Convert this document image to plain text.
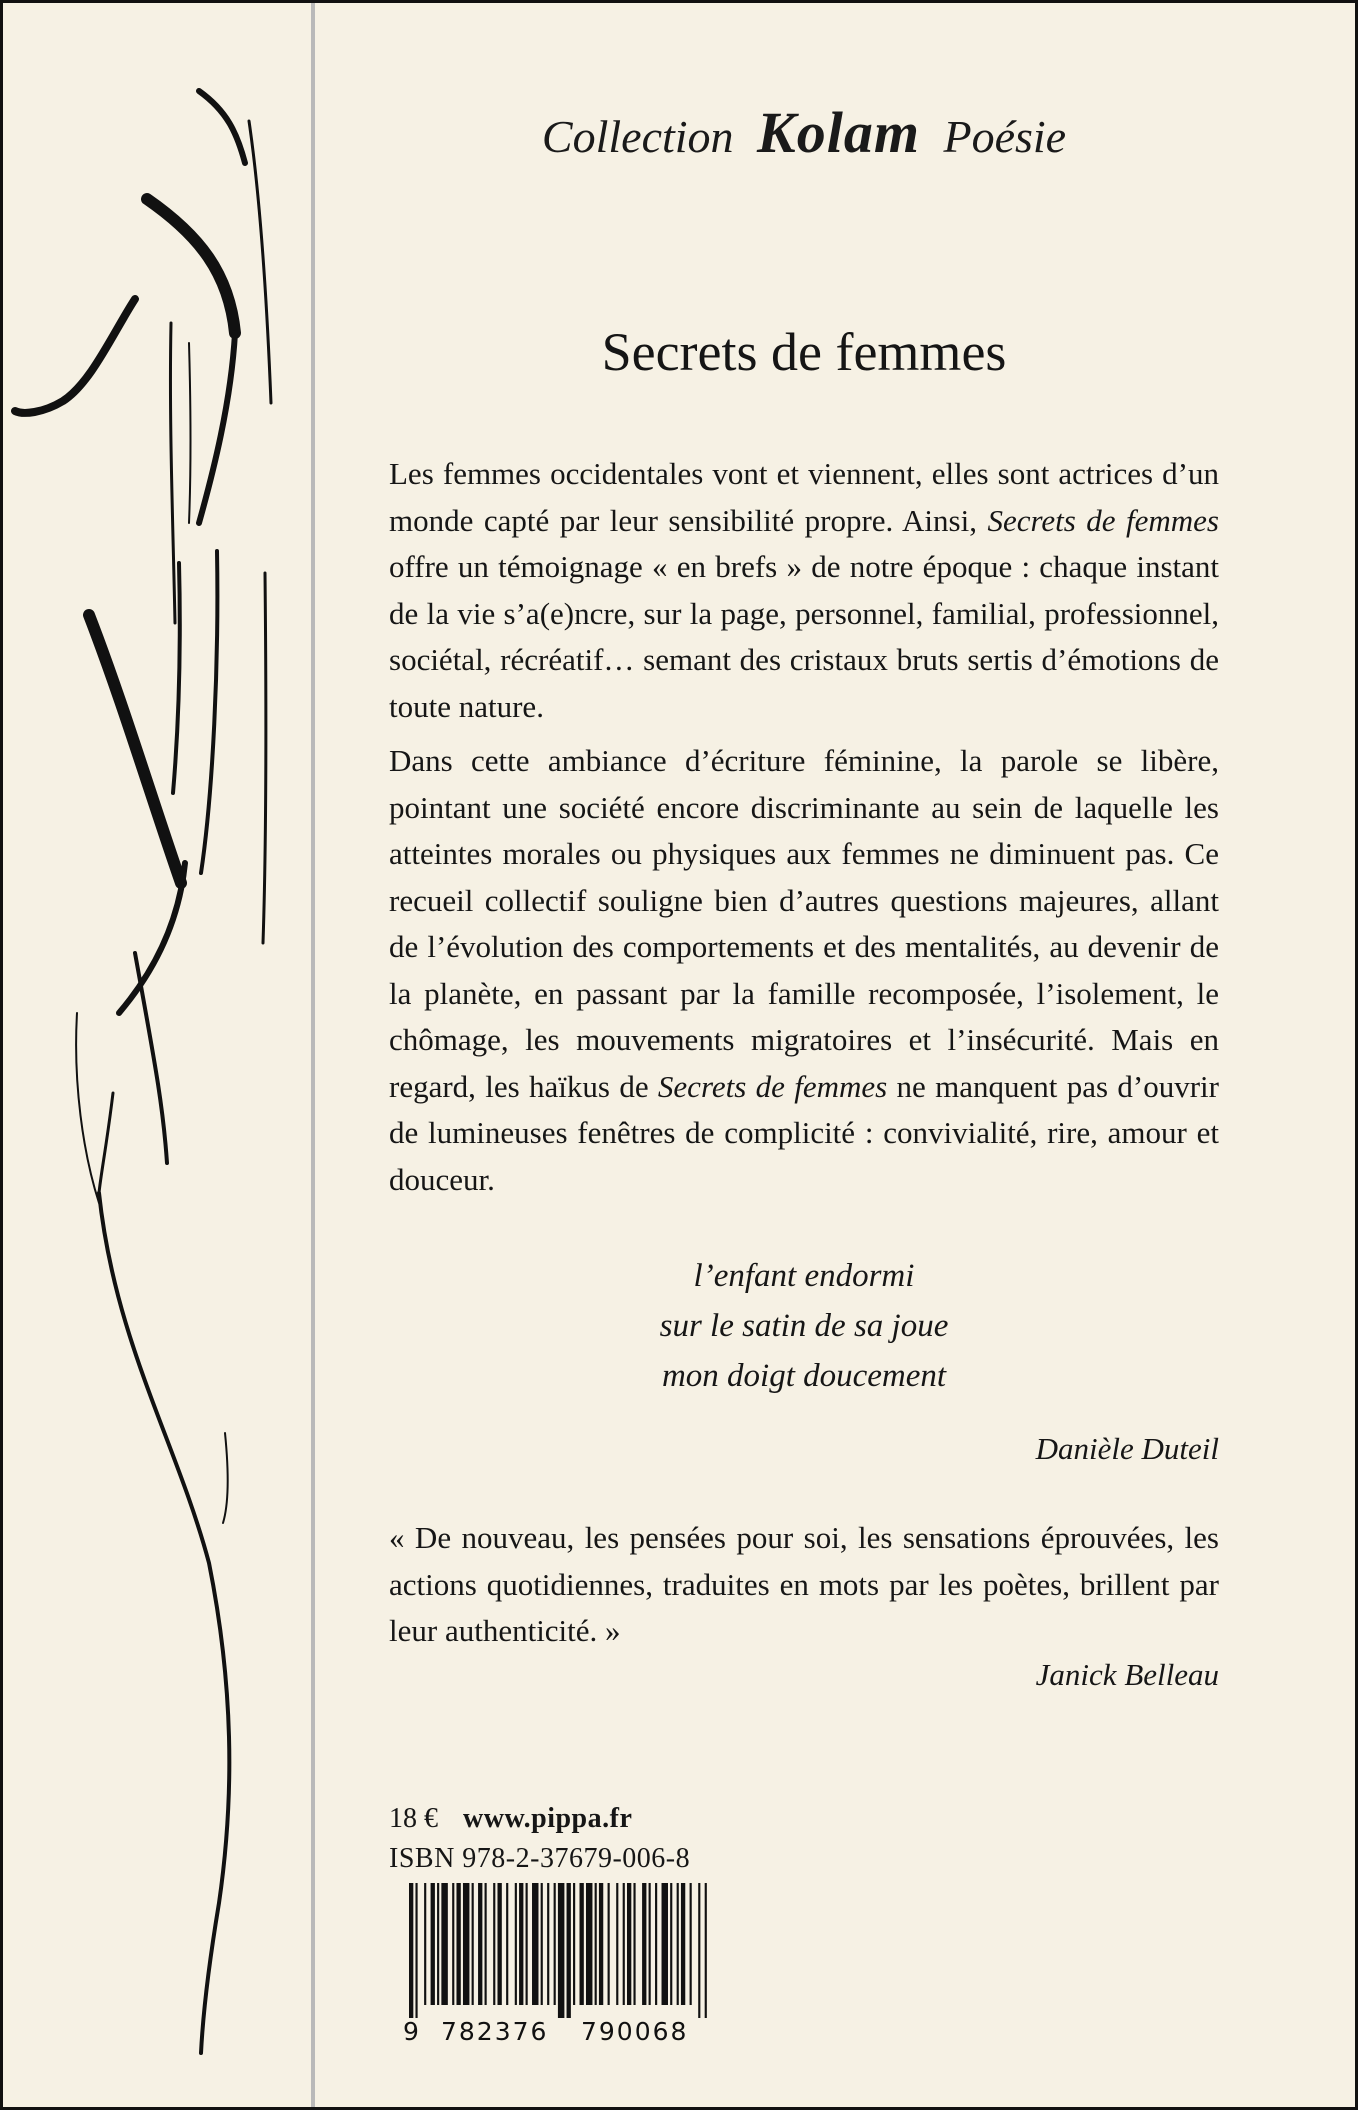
Collection Kolam Poésie
Secrets de femmes

Les femmes occidentales vont et viennent, elles sont actrices d’un monde capté par leur sensibilité propre. Ainsi, Secrets de femmes offre un témoignage « en brefs » de notre époque : chaque instant de la vie s’a(e)ncre, sur la page, personnel, familial, professionnel, sociétal, récréatif… semant des cristaux bruts sertis d’émotions de toute nature.

Dans cette ambiance d’écriture féminine, la parole se libère, pointant une société encore discriminante au sein de laquelle les atteintes morales ou physiques aux femmes ne diminuent pas. Ce recueil collectif souligne bien d’autres questions majeures, allant de l’évolution des comportements et des mentalités, au devenir de la planète, en passant par la famille recomposée, l’isolement, le chômage, les mouvements migratoires et l’insécurité. Mais en regard, les haïkus de Secrets de femmes ne manquent pas d’ouvrir de lumineuses fenêtres de complicité : convivialité, rire, amour et douceur.

l’enfant endormi
sur le satin de sa joue
mon doigt doucement
Danièle Duteil

« De nouveau, les pensées pour soi, les sensations éprouvées, les actions quotidiennes, traduites en mots par les poètes, brillent par leur authenticité. »

Janick Belleau
18 € www.pippa.fr
ISBN 978-2-37679-006-8
9 782376 790068
